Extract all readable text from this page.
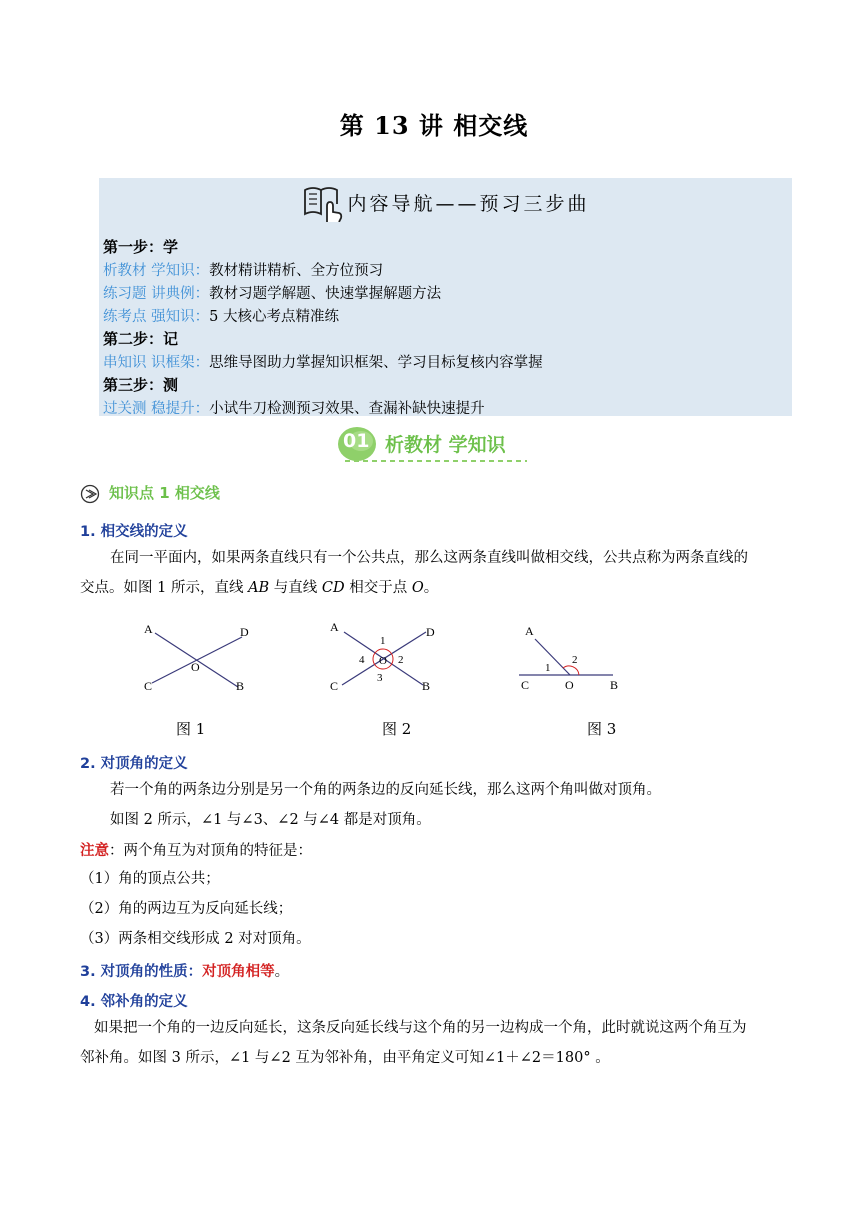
第 13 讲 相交线
内容导航——预习三步曲
第一步：学
析教材 学知识：教材精讲精析、全方位预习
练习题 讲典例：教材习题学解题、快速掌握解题方法
练考点 强知识：5 大核心考点精准练
第二步：记
串知识 识框架：思维导图助力掌握知识框架、学习目标复核内容掌握
第三步：测
过关测 稳提升：小试牛刀检测预习效果、查漏补缺快速提升
01 析教材 学知识
知识点 1 相交线
1. 相交线的定义
在同一平面内，如果两条直线只有一个公共点，那么这两条直线叫做相交线，公共点称为两条直线的
交点。如图 1 所示，直线 AB 与直线 CD 相交于点 O。
A	D
C	B
O
图 1
A	D
C	B
O
1
2
3
4
图 2
A
C	O	B
1
2
图 3
2. 对顶角的定义
若一个角的两条边分别是另一个角的两条边的反向延长线，那么这两个角叫做对顶角。
如图 2 所示，∠1 与∠3、∠2 与∠4 都是对顶角。
注意：两个角互为对顶角的特征是：
（1）角的顶点公共；
（2）角的两边互为反向延长线；
（3）两条相交线形成 2 对对顶角。
3. 对顶角的性质：对顶角相等。
4. 邻补角的定义
如果把一个角的一边反向延长，这条反向延长线与这个角的另一边构成一个角，此时就说这两个角互为
邻补角。如图 3 所示，∠1 与∠2 互为邻补角，由平角定义可知∠1＋∠2＝180° 。
